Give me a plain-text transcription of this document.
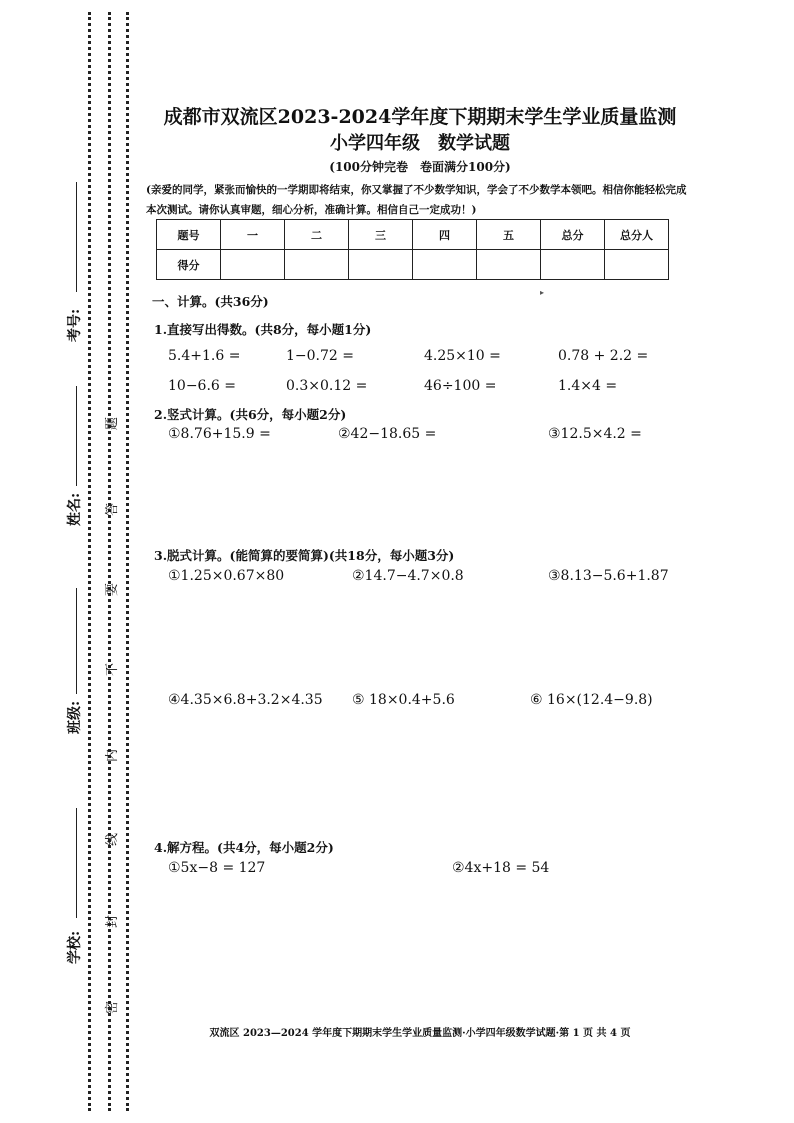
考号:
姓名:
班级:
学校:
题
答
要
不
内
线
封
密
成都市双流区2023-2024学年度下期期末学生学业质量监测
小学四年级　数学试题
(100分钟完卷　卷面满分100分)
(亲爱的同学，紧张而愉快的一学期即将结束，你又掌握了不少数学知识，学会了不少数学本领吧。相信你能轻松完成本次测试。请你认真审题，细心分析，准确计算。相信自己一定成功！)
题号	一	二	三	四	五	总分	总分人
得分							
▸
一、计算。(共36分)
1.直接写出得数。(共8分，每小题1分)
5.4+1.6 =	1−0.72 =	4.25×10 =	0.78 + 2.2 =
10−6.6 =	0.3×0.12 =	46÷100 =	1.4×4 =
2.竖式计算。(共6分，每小题2分)
①8.76+15.9 =	②42−18.65 =	③12.5×4.2 =
3.脱式计算。(能简算的要简算)(共18分，每小题3分)
①1.25×0.67×80	②14.7−4.7×0.8	③8.13−5.6+1.87
④4.35×6.8+3.2×4.35 ⑤ 18×0.4+5.6	⑥ 16×(12.4−9.8)
4.解方程。(共4分，每小题2分)
①5x−8 = 127	②4x+18 = 54
双流区 2023—2024 学年度下期期末学生学业质量监测·小学四年级数学试题·第 1 页 共 4 页
